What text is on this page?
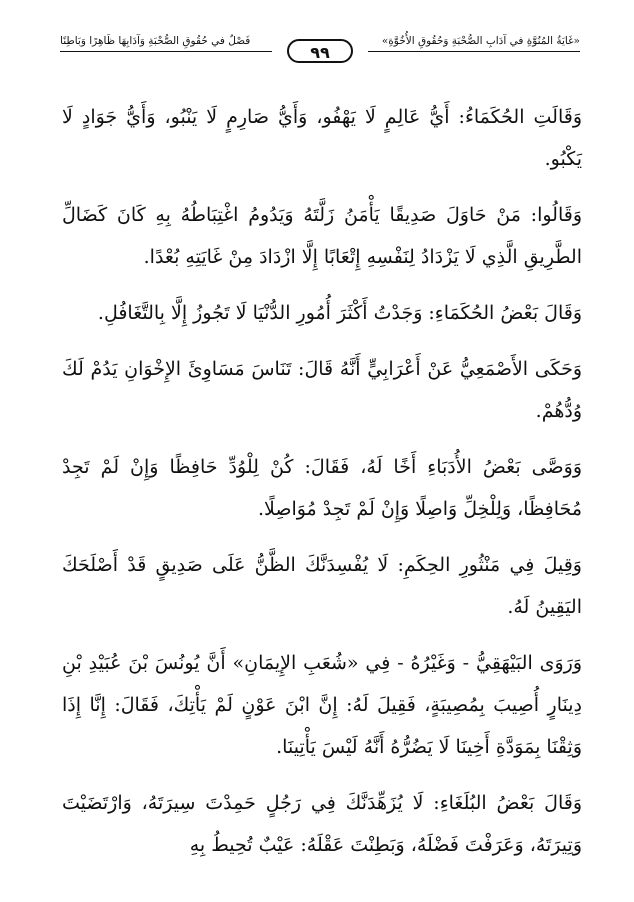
«غَايَةُ المُنُوَّةِ في آدَابِ الصُّحْبَةِ وَحُقُوقِ الأُخُوَّةِ»
فَصْلٌ في حُقُوقِ الصُّحْبَةِ وَآدَابِهَا ظَاهِرًا وَبَاطِنًا
٩٩

وَقَالَتِ الحُكَمَاءُ: أَيُّ عَالِمٍ لَا يَهْفُو، وَأَيُّ صَارِمٍ لَا يَنْبُو، وَأَيُّ جَوَادٍ لَا يَكْبُو.

وَقَالُوا: مَنْ حَاوَلَ صَدِيقًا يَأْمَنُ زَلَّتَهُ وَيَدُومُ اغْتِبَاطُهُ بِهِ كَانَ كَضَالِّ الطَّرِيقِ الَّذِي لَا يَزْدَادُ لِنَفْسِهِ إِتْعَابًا إِلَّا ازْدَادَ مِنْ غَايَتِهِ بُعْدًا.

وَقَالَ بَعْضُ الحُكَمَاءِ: وَجَدْتُ أَكْثَرَ أُمُورِ الدُّنْيَا لَا تَجُوزُ إِلَّا بِالتَّغَافُلِ.

وَحَكَى الأَصْمَعِيُّ عَنْ أَعْرَابِيٍّ أَنَّهُ قَالَ: تَنَاسَ مَسَاوِئَ الإِخْوَانِ يَدُمْ لَكَ وُدُّهُمْ.

وَوَصَّى بَعْضُ الأُدَبَاءِ أَخًا لَهُ، فَقَالَ: كُنْ لِلْوُدِّ حَافِظًا وَإِنْ لَمْ تَجِدْ مُحَافِظًا، وَلِلْخِلِّ وَاصِلًا وَإِنْ لَمْ تَجِدْ مُوَاصِلًا.

وَقِيلَ فِي مَنْثُورِ الحِكَمِ: لَا يُفْسِدَنَّكَ الظَّنُّ عَلَى صَدِيقٍ قَدْ أَصْلَحَكَ اليَقِينُ لَهُ.

وَرَوَى البَيْهَقِيُّ - وَغَيْرُهُ - فِي «شُعَبِ الإِيمَانِ» أَنَّ يُونُسَ بْنَ عُبَيْدِ بْنِ دِينَارٍ أُصِيبَ بِمُصِيبَةٍ، فَقِيلَ لَهُ: إِنَّ ابْنَ عَوْنٍ لَمْ يَأْتِكَ، فَقَالَ: إِنَّا إِذَا وَثِقْنَا بِمَوَدَّةِ أَخِينَا لَا يَضُرُّهُ أَنَّهُ لَيْسَ يَأْتِينَا.

وَقَالَ بَعْضُ البُلَغَاءِ: لَا يُزَهِّدَنَّكَ فِي رَجُلٍ حَمِدْتَ سِيرَتَهُ، وَارْتَضَيْتَ وَتِيرَتَهُ، وَعَرَفْتَ فَضْلَهُ، وَبَطِنْتَ عَقْلَهُ: عَيْبٌ تُحِيطُ بِهِ
